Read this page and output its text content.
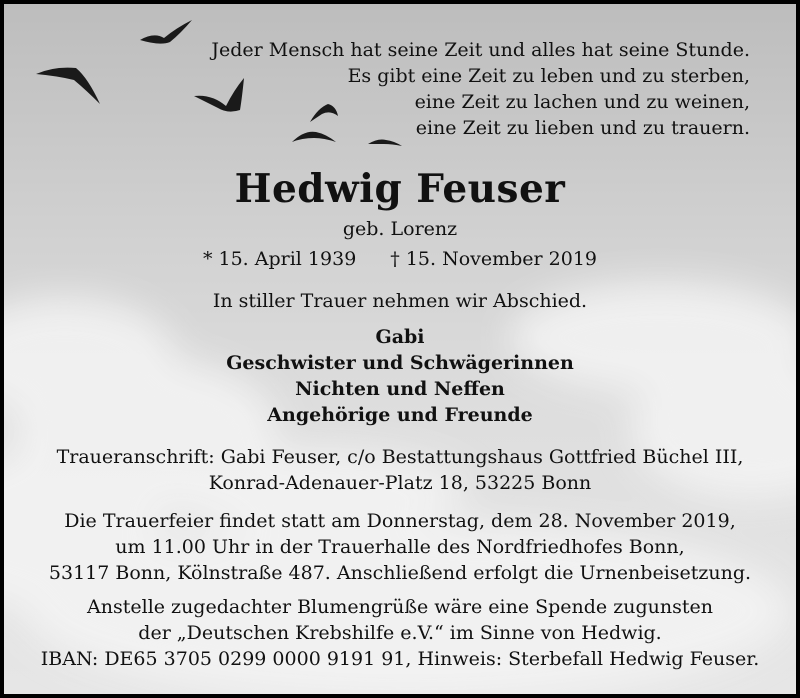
Jeder Mensch hat seine Zeit und alles hat seine Stunde.
Es gibt eine Zeit zu leben und zu sterben,
eine Zeit zu lachen und zu weinen,
eine Zeit zu lieben und zu trauern.
Hedwig Feuser
geb. Lorenz
* 15. April 1939 † 15. November 2019
In stiller Trauer nehmen wir Abschied.
Gabi
Geschwister und Schwägerinnen
Nichten und Neffen
Angehörige und Freunde
Traueranschrift: Gabi Feuser, c/o Bestattungshaus Gottfried Büchel III,
Konrad-Adenauer-Platz 18, 53225 Bonn
Die Trauerfeier findet statt am Donnerstag, dem 28. November 2019,
um 11.00 Uhr in der Trauerhalle des Nordfriedhofes Bonn,
53117 Bonn, Kölnstraße 487. Anschließend erfolgt die Urnenbeisetzung.
Anstelle zugedachter Blumengrüße wäre eine Spende zugunsten
der „Deutschen Krebshilfe e.V.“ im Sinne von Hedwig.
IBAN: DE65 3705 0299 0000 9191 91, Hinweis: Sterbefall Hedwig Feuser.
